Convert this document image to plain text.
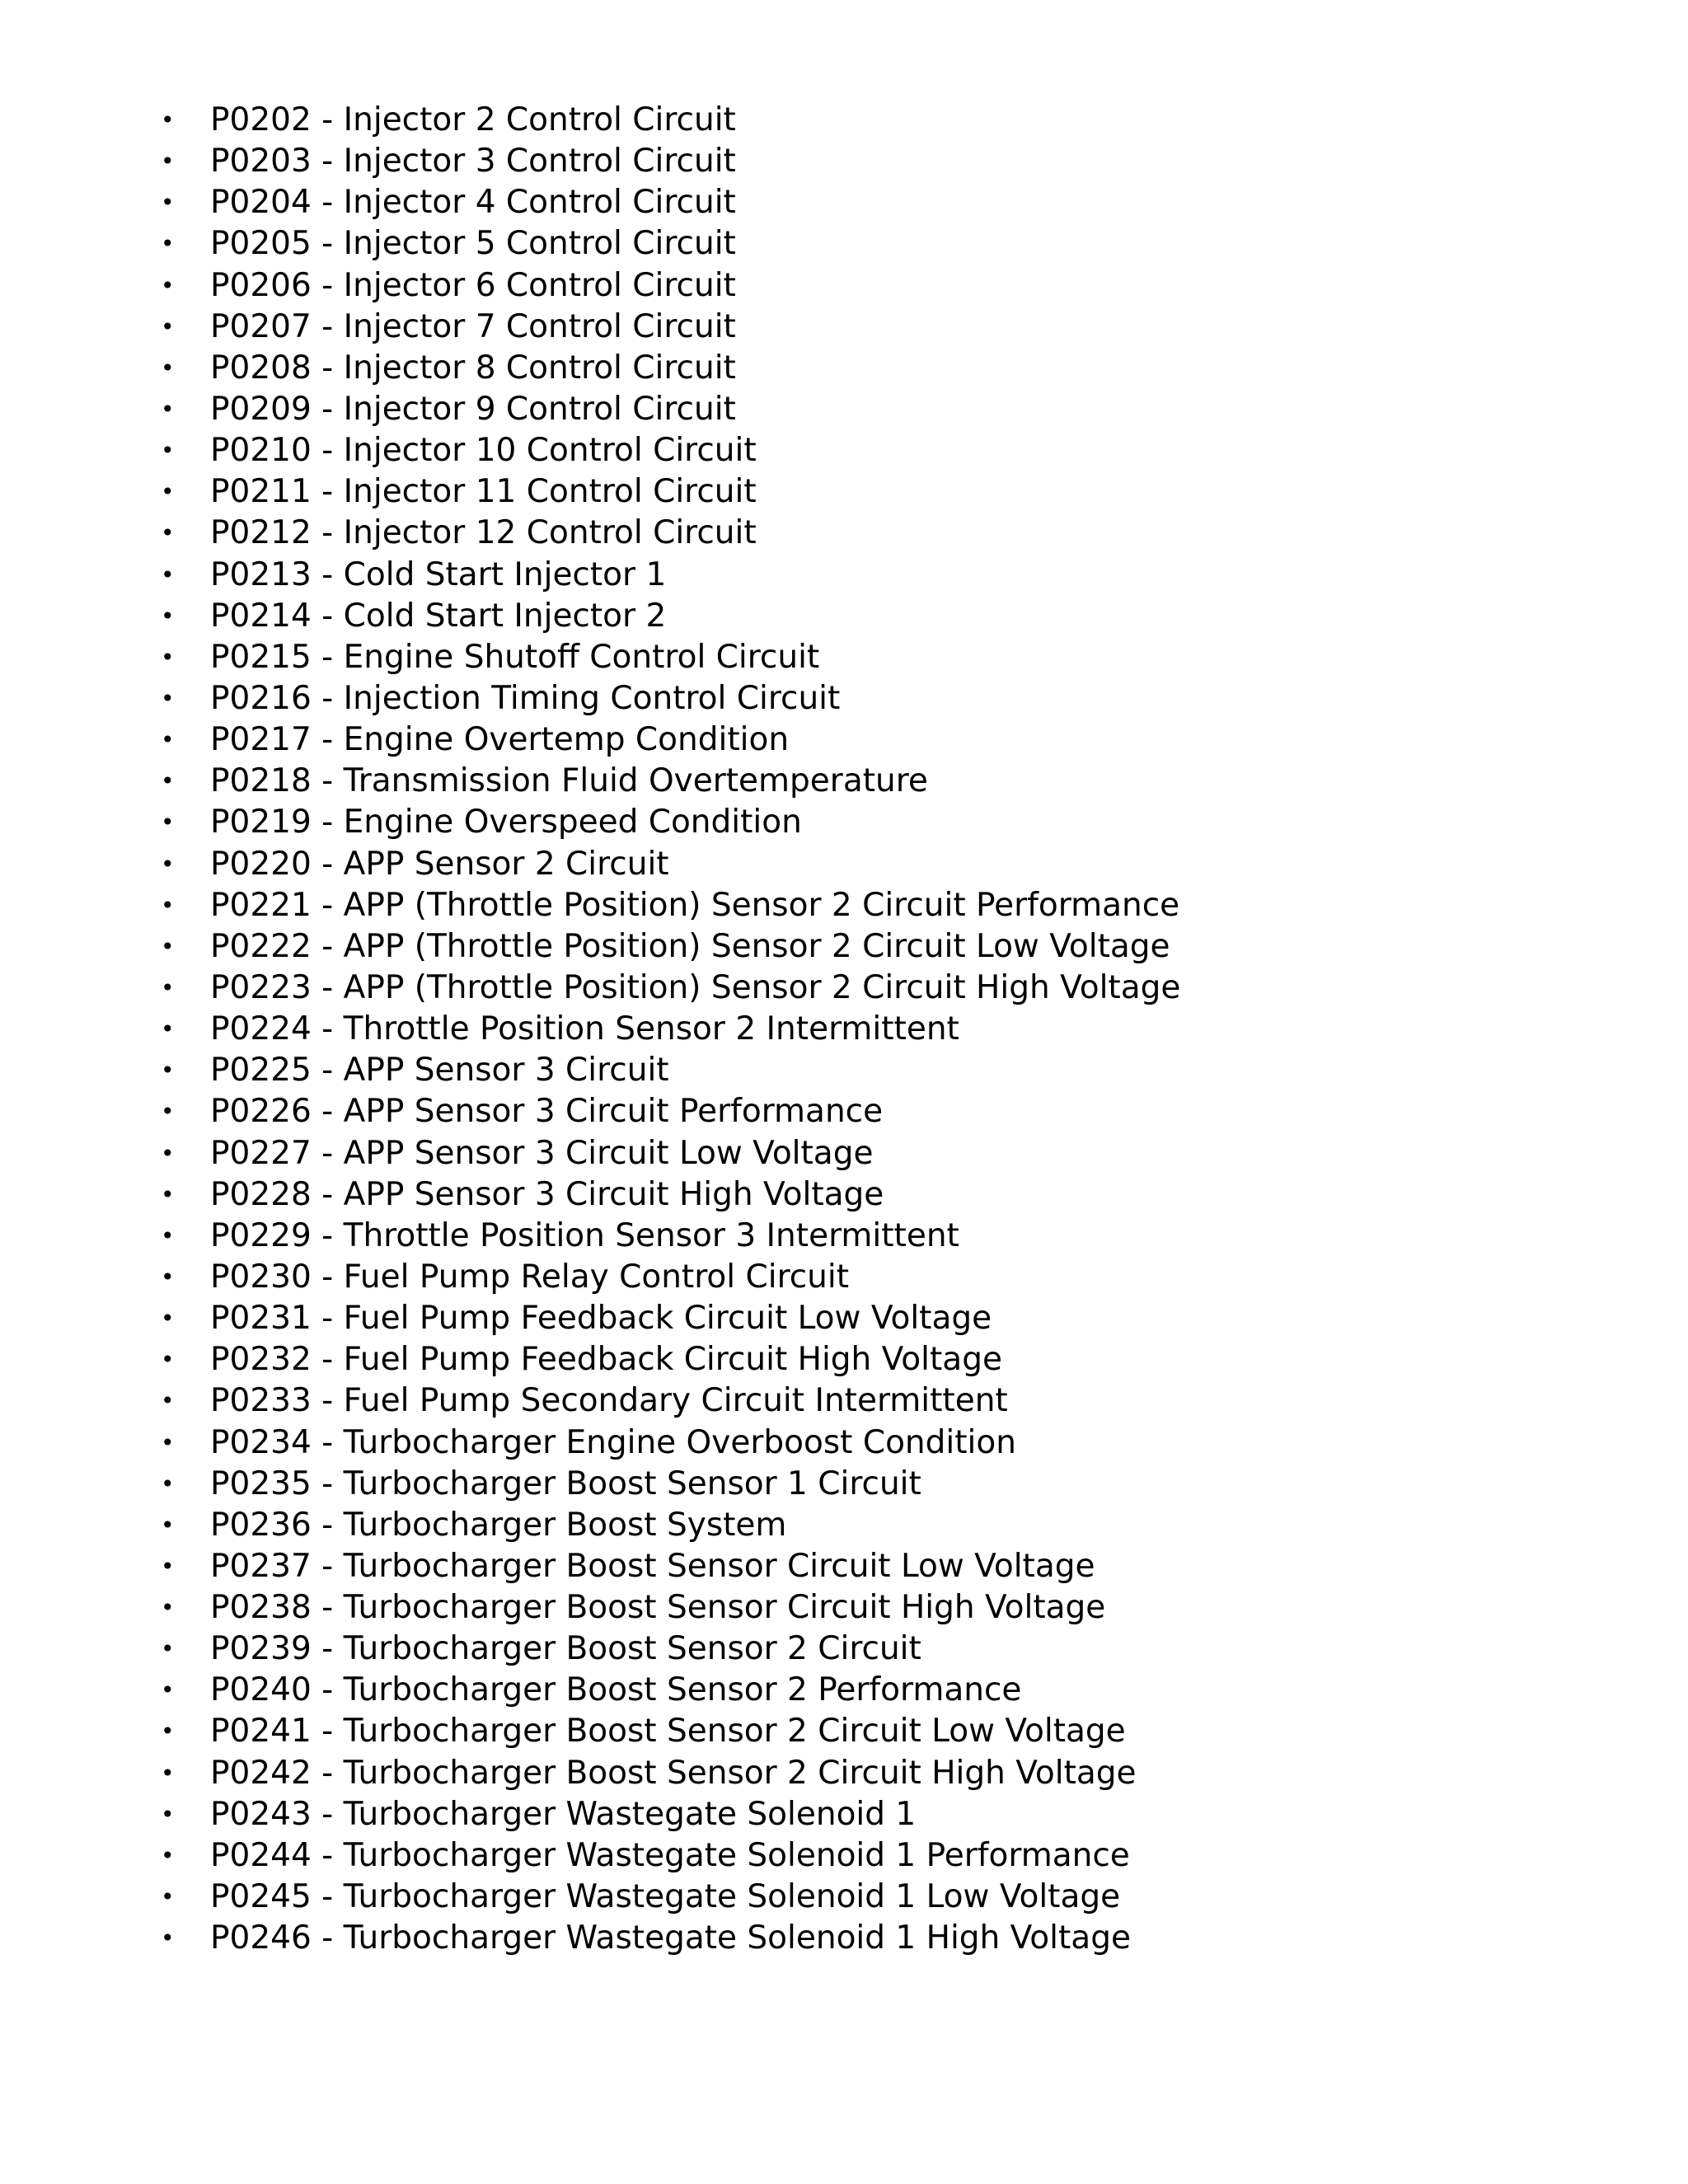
• P0202 - Injector 2 Control Circuit
• P0203 - Injector 3 Control Circuit
• P0204 - Injector 4 Control Circuit
• P0205 - Injector 5 Control Circuit
• P0206 - Injector 6 Control Circuit
• P0207 - Injector 7 Control Circuit
• P0208 - Injector 8 Control Circuit
• P0209 - Injector 9 Control Circuit
• P0210 - Injector 10 Control Circuit
• P0211 - Injector 11 Control Circuit
• P0212 - Injector 12 Control Circuit
• P0213 - Cold Start Injector 1
• P0214 - Cold Start Injector 2
• P0215 - Engine Shutoff Control Circuit
• P0216 - Injection Timing Control Circuit
• P0217 - Engine Overtemp Condition
• P0218 - Transmission Fluid Overtemperature
• P0219 - Engine Overspeed Condition
• P0220 - APP Sensor 2 Circuit
• P0221 - APP (Throttle Position) Sensor 2 Circuit Performance
• P0222 - APP (Throttle Position) Sensor 2 Circuit Low Voltage
• P0223 - APP (Throttle Position) Sensor 2 Circuit High Voltage
• P0224 - Throttle Position Sensor 2 Intermittent
• P0225 - APP Sensor 3 Circuit
• P0226 - APP Sensor 3 Circuit Performance
• P0227 - APP Sensor 3 Circuit Low Voltage
• P0228 - APP Sensor 3 Circuit High Voltage
• P0229 - Throttle Position Sensor 3 Intermittent
• P0230 - Fuel Pump Relay Control Circuit
• P0231 - Fuel Pump Feedback Circuit Low Voltage
• P0232 - Fuel Pump Feedback Circuit High Voltage
• P0233 - Fuel Pump Secondary Circuit Intermittent
• P0234 - Turbocharger Engine Overboost Condition
• P0235 - Turbocharger Boost Sensor 1 Circuit
• P0236 - Turbocharger Boost System
• P0237 - Turbocharger Boost Sensor Circuit Low Voltage
• P0238 - Turbocharger Boost Sensor Circuit High Voltage
• P0239 - Turbocharger Boost Sensor 2 Circuit
• P0240 - Turbocharger Boost Sensor 2 Performance
• P0241 - Turbocharger Boost Sensor 2 Circuit Low Voltage
• P0242 - Turbocharger Boost Sensor 2 Circuit High Voltage
• P0243 - Turbocharger Wastegate Solenoid 1
• P0244 - Turbocharger Wastegate Solenoid 1 Performance
• P0245 - Turbocharger Wastegate Solenoid 1 Low Voltage
• P0246 - Turbocharger Wastegate Solenoid 1 High Voltage
